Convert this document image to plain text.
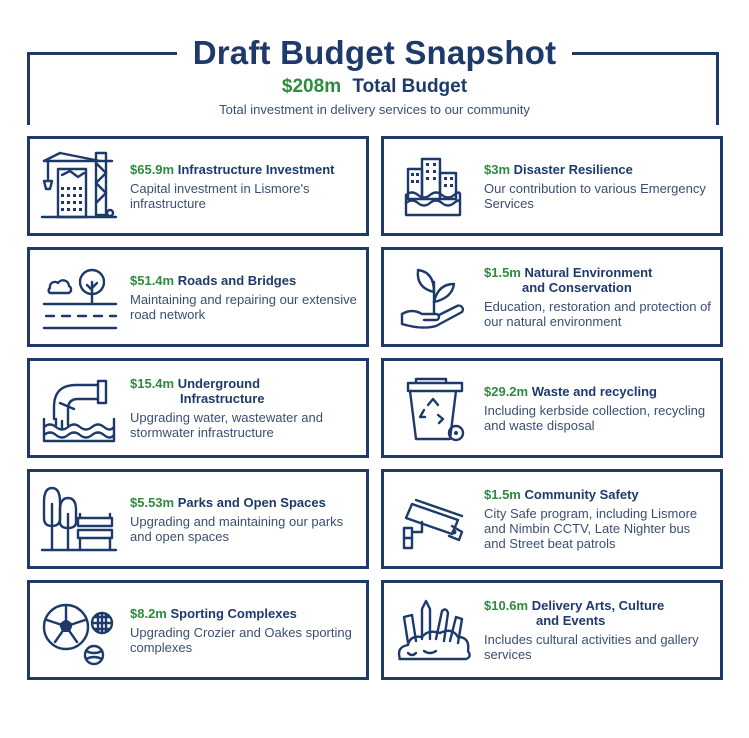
Draft Budget Snapshot
$208m Total Budget
Total investment in delivery services to our community
$65.9m Infrastructure Investment
Capital investment in Lismore's infrastructure
$3m Disaster Resilience
Our contribution to various Emergency Services
$51.4m Roads and Bridges
Maintaining and repairing our extensive road network
$1.5m Natural Environment
and Conservation
Education, restoration and protection of our natural environment
$15.4m Underground
Infrastructure
Upgrading water, wastewater and stormwater infrastructure
$29.2m Waste and recycling
Including kerbside collection, recycling and waste disposal
$5.53m Parks and Open Spaces
Upgrading and maintaining our parks and open spaces
$1.5m Community Safety
City Safe program, including Lismore and Nimbin CCTV, Late Nighter bus and Street beat patrols
$8.2m Sporting Complexes
Upgrading Crozier and Oakes sporting complexes
$10.6m Delivery Arts, Culture
and Events
Includes cultural activities and gallery services
